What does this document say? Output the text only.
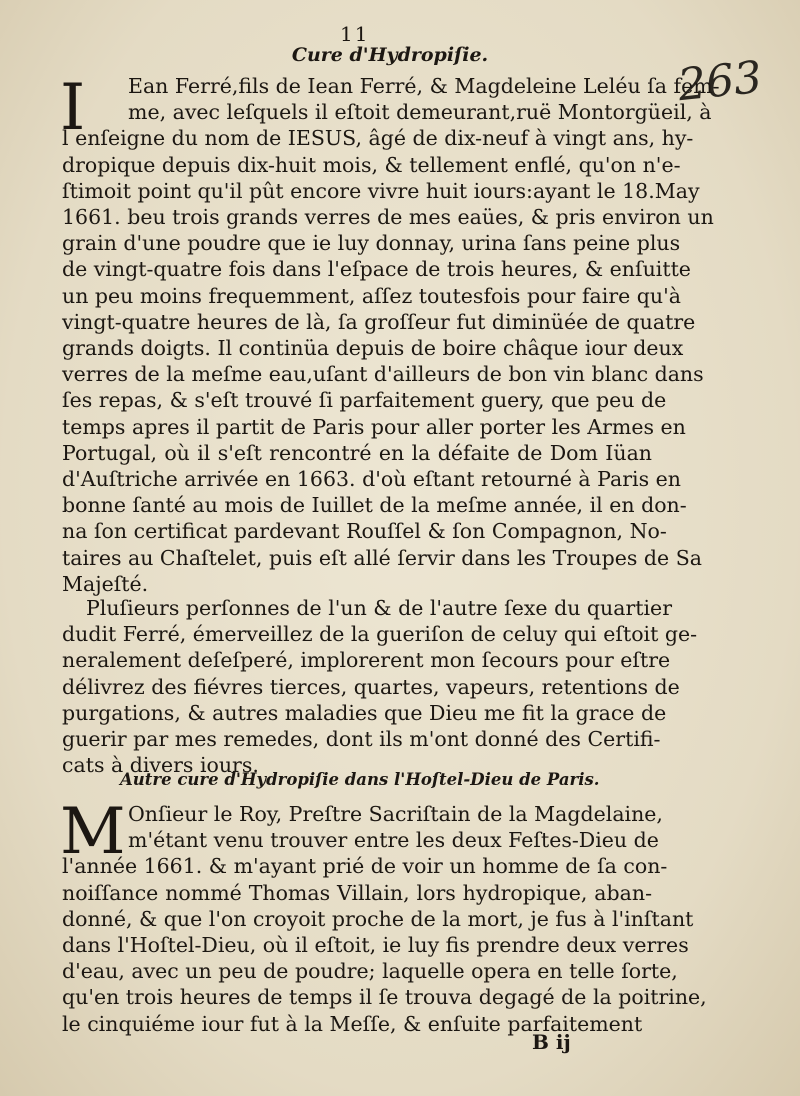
11
263
Cure d'Hydropiſie.
I Ean Ferré,fils de Iean Ferré, & Magdeleine Leléu ſa fem-
me, avec leſquels il eſtoit demeurant,ruë Montorgüeil, à
l enſeigne du nom de IESUS, âgé de dix-neuf à vingt ans, hy-
dropique depuis dix-huit mois, & tellement enflé, qu'on n'e-
ſtimoit point qu'il pût encore vivre huit iours:ayant le 18.May
1661. beu trois grands verres de mes eaües, & pris environ un
grain d'une poudre que ie luy donnay, urina ſans peine plus
de vingt-quatre fois dans l'eſpace de trois heures, & enſuitte
un peu moins frequemment, aſſez toutesfois pour faire qu'à
vingt-quatre heures de là, ſa groſſeur fut diminüée de quatre
grands doigts. Il continüa depuis de boire châque iour deux
verres de la meſme eau,uſant d'ailleurs de bon vin blanc dans
ſes repas, & s'eſt trouvé ſi parfaitement guery, que peu de
temps apres il partit de Paris pour aller porter les Armes en
Portugal, où il s'eſt rencontré en la défaite de Dom Iüan
d'Auſtriche arrivée en 1663. d'où eſtant retourné à Paris en
bonne ſanté au mois de Iuillet de la meſme année, il en don-
na ſon certificat pardevant Rouſſel & ſon Compagnon, No-
taires au Chaſtelet, puis eſt allé ſervir dans les Troupes de Sa
Majeſté.
Pluſieurs perſonnes de l'un & de l'autre ſexe du quartier
dudit Ferré, émerveillez de la gueriſon de celuy qui eſtoit ge-
neralement deſeſperé, implorerent mon ſecours pour eſtre
délivrez des fiévres tierces, quartes, vapeurs, retentions de
purgations, & autres maladies que Dieu me fit la grace de
guerir par mes remedes, dont ils m'ont donné des Certifi-
cats à divers iours.
Autre cure d'Hydropiſie dans l'Hoſtel-Dieu de Paris.
M Onſieur le Roy, Preſtre Sacriſtain de la Magdelaine,
m'étant venu trouver entre les deux Feſtes-Dieu de
l'année 1661. & m'ayant prié de voir un homme de ſa con-
noiſſance nommé Thomas Villain, lors hydropique, aban-
donné, & que l'on croyoit proche de la mort, je fus à l'inſtant
dans l'Hoſtel-Dieu, où il eſtoit, ie luy fis prendre deux verres
d'eau, avec un peu de poudre; laquelle opera en telle ſorte,
qu'en trois heures de temps il ſe trouva degagé de la poitrine,
le cinquiéme iour fut à la Meſſe, & enſuite parfaitement
B ij
